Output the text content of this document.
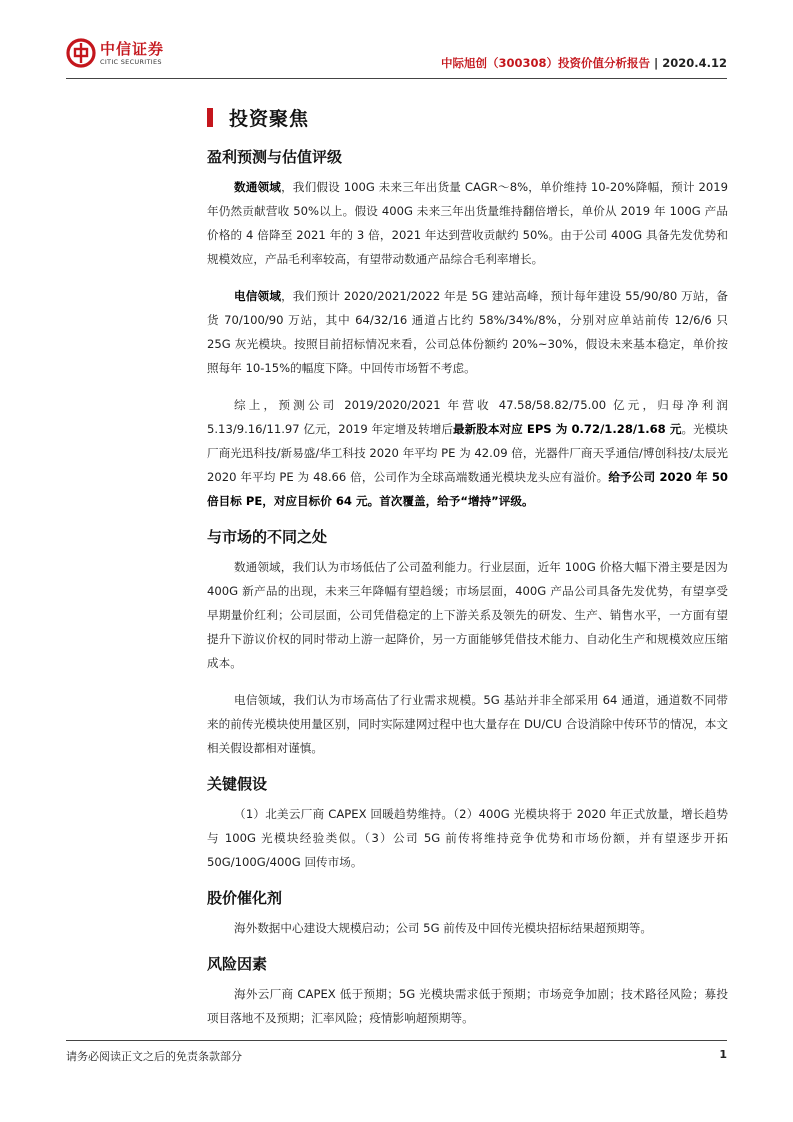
中信证券
CITIC SECURITIES	中际旭创（300308）投资价值分析报告 | 2020.4.12
投资聚焦
盈利预测与估值评级

数通领域，我们假设 100G 未来三年出货量 CAGR～8%，单价维持 10-20%降幅，预计 2019 年仍然贡献营收 50%以上。假设 400G 未来三年出货量维持翻倍增长，单价从 2019 年 100G 产品价格的 4 倍降至 2021 年的 3 倍，2021 年达到营收贡献约 50%。由于公司 400G 具备先发优势和规模效应，产品毛利率较高，有望带动数通产品综合毛利率增长。

电信领域，我们预计 2020/2021/2022 年是 5G 建站高峰，预计每年建设 55/90/80 万站，备货 70/100/90 万站，其中 64/32/16 通道占比约 58%/34%/8%，分别对应单站前传 12/6/6 只 25G 灰光模块。按照目前招标情况来看，公司总体份额约 20%~30%，假设未来基本稳定，单价按照每年 10-15%的幅度下降。中回传市场暂不考虑。

综上，预测公司 2019/2020/2021 年营收 47.58/58.82/75.00 亿元，归母净利润 5.13/9.16/11.97 亿元，2019 年定增及转增后最新股本对应 EPS 为 0.72/1.28/1.68 元。光模块厂商光迅科技/新易盛/华工科技 2020 年平均 PE 为 42.09 倍，光器件厂商天孚通信/博创科技/太辰光 2020 年平均 PE 为 48.66 倍，公司作为全球高端数通光模块龙头应有溢价。给予公司 2020 年 50 倍目标 PE，对应目标价 64 元。首次覆盖，给予“增持”评级。

与市场的不同之处

数通领域，我们认为市场低估了公司盈利能力。行业层面，近年 100G 价格大幅下滑主要是因为 400G 新产品的出现，未来三年降幅有望趋缓；市场层面，400G 产品公司具备先发优势，有望享受早期量价红利；公司层面，公司凭借稳定的上下游关系及领先的研发、生产、销售水平，一方面有望提升下游议价权的同时带动上游一起降价，另一方面能够凭借技术能力、自动化生产和规模效应压缩成本。

电信领域，我们认为市场高估了行业需求规模。5G 基站并非全部采用 64 通道，通道数不同带来的前传光模块使用量区别，同时实际建网过程中也大量存在 DU/CU 合设消除中传环节的情况，本文相关假设都相对谨慎。

关键假设

（1）北美云厂商 CAPEX 回暖趋势维持。（2）400G 光模块将于 2020 年正式放量，增长趋势与 100G 光模块经验类似。（3）公司 5G 前传将维持竞争优势和市场份额，并有望逐步开拓 50G/100G/400G 回传市场。

股价催化剂

海外数据中心建设大规模启动；公司 5G 前传及中回传光模块招标结果超预期等。

风险因素

海外云厂商 CAPEX 低于预期；5G 光模块需求低于预期；市场竞争加剧；技术路径风险；募投项目落地不及预期；汇率风险；疫情影响超预期等。

请务必阅读正文之后的免责条款部分	1
